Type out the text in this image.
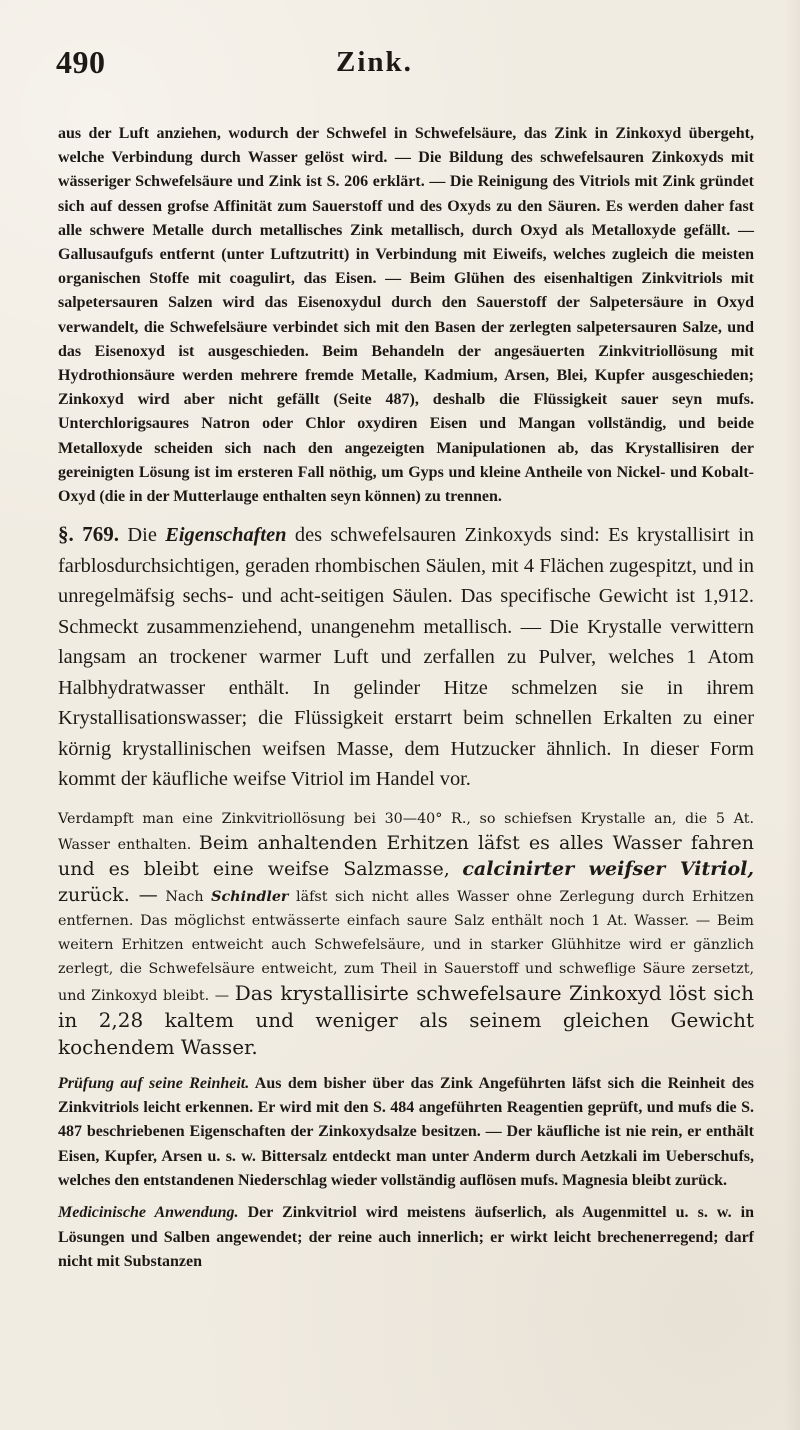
490	Zink.

aus der Luft anziehen, wodurch der Schwefel in Schwefelsäure, das Zink in Zinkoxyd übergeht, welche Verbindung durch Wasser gelöst wird. — Die Bildung des schwefelsauren Zinkoxyds mit wässeriger Schwefelsäure und Zink ist S. 206 erklärt. — Die Reinigung des Vitriols mit Zink gründet sich auf dessen grofse Affinität zum Sauerstoff und des Oxyds zu den Säuren. Es werden daher fast alle schwere Metalle durch metallisches Zink metallisch, durch Oxyd als Metalloxyde gefällt. — Gallusaufgufs entfernt (unter Luftzutritt) in Verbindung mit Eiweifs, welches zugleich die meisten organischen Stoffe mit coagulirt, das Eisen. — Beim Glühen des eisenhaltigen Zinkvitriols mit salpetersauren Salzen wird das Eisenoxydul durch den Sauerstoff der Salpetersäure in Oxyd verwandelt, die Schwefelsäure verbindet sich mit den Basen der zerlegten salpetersauren Salze, und das Eisenoxyd ist ausgeschieden. Beim Behandeln der angesäuerten Zinkvitriollösung mit Hydrothionsäure werden mehrere fremde Metalle, Kadmium, Arsen, Blei, Kupfer ausgeschieden; Zinkoxyd wird aber nicht gefällt (Seite 487), deshalb die Flüssigkeit sauer seyn mufs. Unterchlorigsaures Natron oder Chlor oxydiren Eisen und Mangan vollständig, und beide Metalloxyde scheiden sich nach den angezeigten Manipulationen ab, das Krystallisiren der gereinigten Lösung ist im ersteren Fall nöthig, um Gyps und kleine Antheile von Nickel- und Kobalt-Oxyd (die in der Mutterlauge enthalten seyn können) zu trennen.

§. 769. Die Eigenschaften des schwefelsauren Zinkoxyds sind: Es krystallisirt in farblosdurchsichtigen, geraden rhombischen Säulen, mit 4 Flächen zugespitzt, und in unregelmäfsig sechs- und acht-seitigen Säulen. Das specifische Gewicht ist 1,912. Schmeckt zusammenziehend, unangenehm metallisch. — Die Krystalle verwittern langsam an trockener warmer Luft und zerfallen zu Pulver, welches 1 Atom Halbhydratwasser enthält. In gelinder Hitze schmelzen sie in ihrem Krystallisationswasser; die Flüssigkeit erstarrt beim schnellen Erkalten zu einer körnig krystallinischen weifsen Masse, dem Hutzucker ähnlich. In dieser Form kommt der käufliche weifse Vitriol im Handel vor.

Verdampft man eine Zinkvitriollösung bei 30—40° R., so schiefsen Krystalle an, die 5 At. Wasser enthalten. Beim anhaltenden Erhitzen läfst es alles Wasser fahren und es bleibt eine weifse Salzmasse, calcinirter weifser Vitriol, zurück. — Nach Schindler läfst sich nicht alles Wasser ohne Zerlegung durch Erhitzen entfernen. Das möglichst entwässerte einfach saure Salz enthält noch 1 At. Wasser. — Beim weitern Erhitzen entweicht auch Schwefelsäure, und in starker Glühhitze wird er gänzlich zerlegt, die Schwefelsäure entweicht, zum Theil in Sauerstoff und schweflige Säure zersetzt, und Zinkoxyd bleibt. — Das krystallisirte schwefelsaure Zinkoxyd löst sich in 2,28 kaltem und weniger als seinem gleichen Gewicht kochendem Wasser.

Prüfung auf seine Reinheit. Aus dem bisher über das Zink Angeführten läfst sich die Reinheit des Zinkvitriols leicht erkennen. Er wird mit den S. 484 angeführten Reagentien geprüft, und mufs die S. 487 beschriebenen Eigenschaften der Zinkoxydsalze besitzen. — Der käufliche ist nie rein, er enthält Eisen, Kupfer, Arsen u. s. w. Bittersalz entdeckt man unter Anderm durch Aetzkali im Ueberschufs, welches den entstandenen Niederschlag wieder vollständig auflösen mufs. Magnesia bleibt zurück.

Medicinische Anwendung. Der Zinkvitriol wird meistens äufserlich, als Augenmittel u. s. w. in Lösungen und Salben angewendet; der reine auch innerlich; er wirkt leicht brechenerregend; darf nicht mit Substanzen
